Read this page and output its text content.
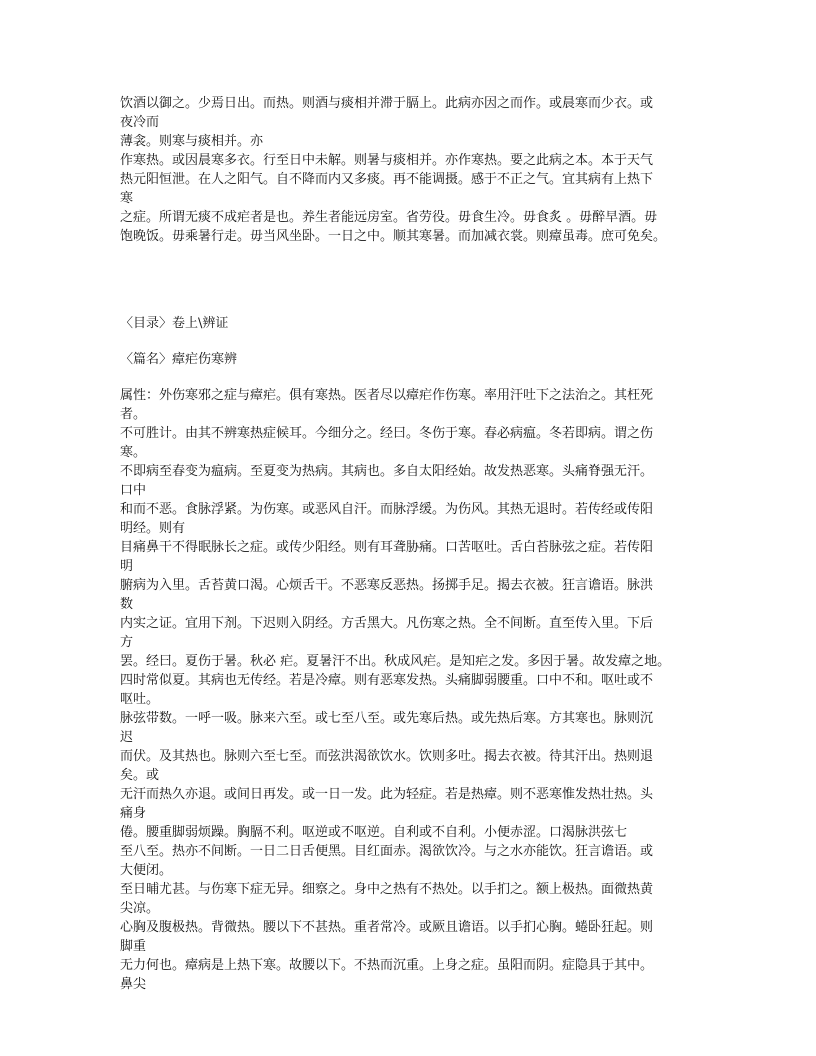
饮酒以御之。少焉日出。而热。则酒与痰相并滞于膈上。此病亦因之而作。或晨寒而少衣。或

夜冷而

薄衾。则寒与痰相并。亦

作寒热。或因晨寒多衣。行至日中未解。则暑与痰相并。亦作寒热。要之此病之本。本于天气

热元阳恒泄。在人之阳气。自不降而内又多痰。再不能调摄。感于不正之气。宜其病有上热下

寒

之症。所谓无痰不成疟者是也。养生者能远房室。省劳役。毋食生冷。毋食炙 。毋醉早酒。毋

饱晚饭。毋乘暑行走。毋当风坐卧。一日之中。顺其寒暑。而加减衣裳。则瘴虽毒。庶可免矣。

〈目录〉卷上\辨证

〈篇名〉瘴疟伤寒辨

属性：外伤寒邪之症与瘴疟。俱有寒热。医者尽以瘴疟作伤寒。率用汗吐下之法治之。其枉死

者。

不可胜计。由其不辨寒热症候耳。今细分之。经曰。冬伤于寒。春必病瘟。冬若即病。谓之伤

寒。

不即病至春变为瘟病。至夏变为热病。其病也。多自太阳经始。故发热恶寒。头痛脊强无汗。

口中

和而不恶。食脉浮紧。为伤寒。或恶风自汗。而脉浮缓。为伤风。其热无退时。若传经或传阳

明经。则有

目痛鼻干不得眠脉长之症。或传少阳经。则有耳聋胁痛。口苦呕吐。舌白苔脉弦之症。若传阳

明

腑病为入里。舌苔黄口渴。心烦舌干。不恶寒反恶热。扬掷手足。揭去衣被。狂言谵语。脉洪

数

内实之证。宜用下剂。下迟则入阴经。方舌黑大。凡伤寒之热。全不间断。直至传入里。下后

方

罢。经曰。夏伤于暑。秋必 疟。夏暑汗不出。秋成风疟。是知疟之发。多因于暑。故发瘴之地。

四时常似夏。其病也无传经。若是冷瘴。则有恶寒发热。头痛脚弱腰重。口中不和。呕吐或不

呕吐。

脉弦带数。一呼一吸。脉来六至。或七至八至。或先寒后热。或先热后寒。方其寒也。脉则沉

迟

而伏。及其热也。脉则六至七至。而弦洪渴欲饮水。饮则多吐。揭去衣被。待其汗出。热则退

矣。或

无汗而热久亦退。或间日再发。或一日一发。此为轻症。若是热瘴。则不恶寒惟发热壮热。头

痛身

倦。腰重脚弱烦躁。胸膈不利。呕逆或不呕逆。自利或不自利。小便赤涩。口渴脉洪弦七

至八至。热亦不间断。一日二日舌便黑。目红面赤。渴欲饮冷。与之水亦能饮。狂言谵语。或

大便闭。

至日晡尤甚。与伤寒下症无异。细察之。身中之热有不热处。以手扪之。额上极热。面微热黄

尖凉。

心胸及腹极热。背微热。腰以下不甚热。重者常冷。或厥且谵语。以手扪心胸。蜷卧狂起。则

脚重

无力何也。瘴病是上热下寒。故腰以下。不热而沉重。上身之症。虽阳而阴。症隐具于其中。

鼻尖
